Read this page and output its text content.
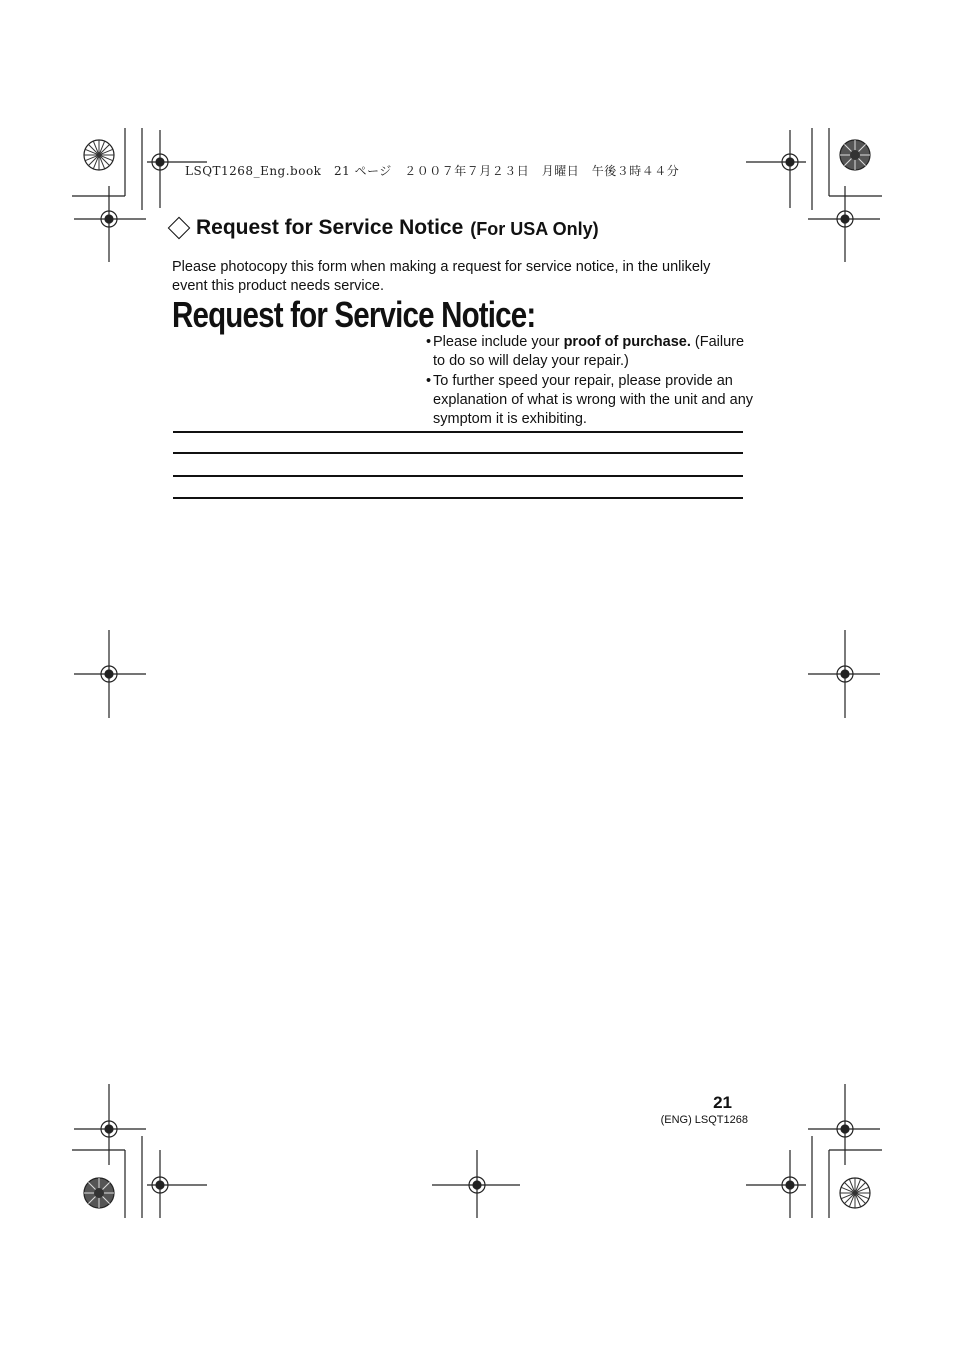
LSQT1268_Eng.book　21 ページ　２００７年７月２３日　月曜日　午後３時４４分
Request for Service Notice (For USA Only)
Please photocopy this form when making a request for service notice, in the unlikely event this product needs service.
Request for Service Notice:
• Please include your proof of purchase. (Failure to do so will delay your repair.)
• To further speed your repair, please provide an explanation of what is wrong with the unit and any symptom it is exhibiting.
21
(ENG) LSQT1268
